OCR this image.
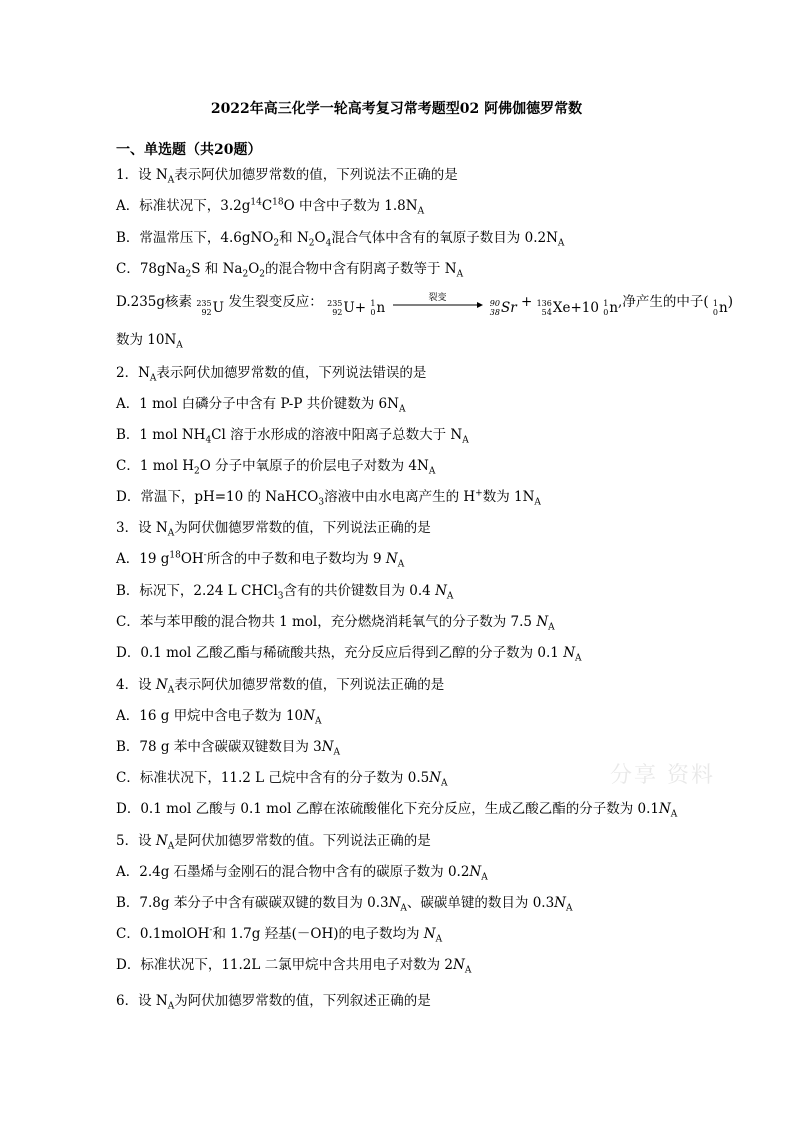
2022年高三化学一轮高考复习常考题型02 阿佛伽德罗常数
一、单选题（共20题）
1．设 $N_A$表示阿伏加德罗常数的值，下列说法不正确的是
A．标准状况下，$3.2g^{14}C^{18}O$ 中含中子数为 $1.8N_A$
B．常温常压下，4.6gNO$_2$和 $N_2O_4$混合气体中含有的氧原子数目为 $0.2N_A$
C．78gNa$_2$S 和 $Na_2O_2$的混合物中含有阴离子数等于 $N_A$
D.235g核素 235
92 U 发生裂变反应： 235
92 U+
1
0 n

裂变

90
38 Sr + 136
54 Xe+10
1
0 n ,净产生的中子( 1
0 n )
数为 $10N_A$
2．$N_A$表示阿伏加德罗常数的值，下列说法错误的是
A．1 mol 白磷分子中含有 P-P 共价键数为 $6N_A$
B．1 mol $NH_4Cl$ 溶于水形成的溶液中阳离子总数大于 $N_A$
C．1 mol $H_2O$ 分子中氧原子的价层电子对数为 $4N_A$
D．常温下，pH=10 的 NaHCO$_3$溶液中由水电离产生的 H+数为 $1N_A$
3．设 $N_A$为阿伏伽德罗常数的值，下列说法正确的是
A．19 $g^{18}OH^-$所含的中子数和电子数均为 9 $N_A$
B．标况下，2.24 L CHCl$_3$含有的共价键数目为 0.4 $N_A$
C．苯与苯甲酸的混合物共 1 mol，充分燃烧消耗氧气的分子数为 7.5 $N_A$
D．0.1 mol 乙酸乙酯与稀硫酸共热，充分反应后得到乙醇的分子数为 0.1 $N_A$
4．设 $N_A$表示阿伏加德罗常数的值，下列说法正确的是
A．16 g 甲烷中含电子数为 $10N_A$
B．78 g 苯中含碳碳双键数目为 $3N_A$
C．标准状况下，11.2 L 己烷中含有的分子数为 $0.5N_A$
D．0.1 mol 乙酸与 0.1 mol 乙醇在浓硫酸催化下充分反应，生成乙酸乙酯的分子数为 $0.1N_A$
5．设 $N_A$是阿伏加德罗常数的值。下列说法正确的是
A．2.4g 石墨烯与金刚石的混合物中含有的碳原子数为 $0.2N_A$
B．7.8g 苯分子中含有碳碳双键的数目为 $0.3N_A$、碳碳单键的数目为 $0.3N_A$
C．0.1molOH-和 1.7g 羟基(－OH)的电子数均为 $N_A$
D．标准状况下，11.2L 二氯甲烷中含共用电子对数为 $2N_A$
6．设 $N_A$为阿伏加德罗常数的值，下列叙述正确的是
分享 资料
